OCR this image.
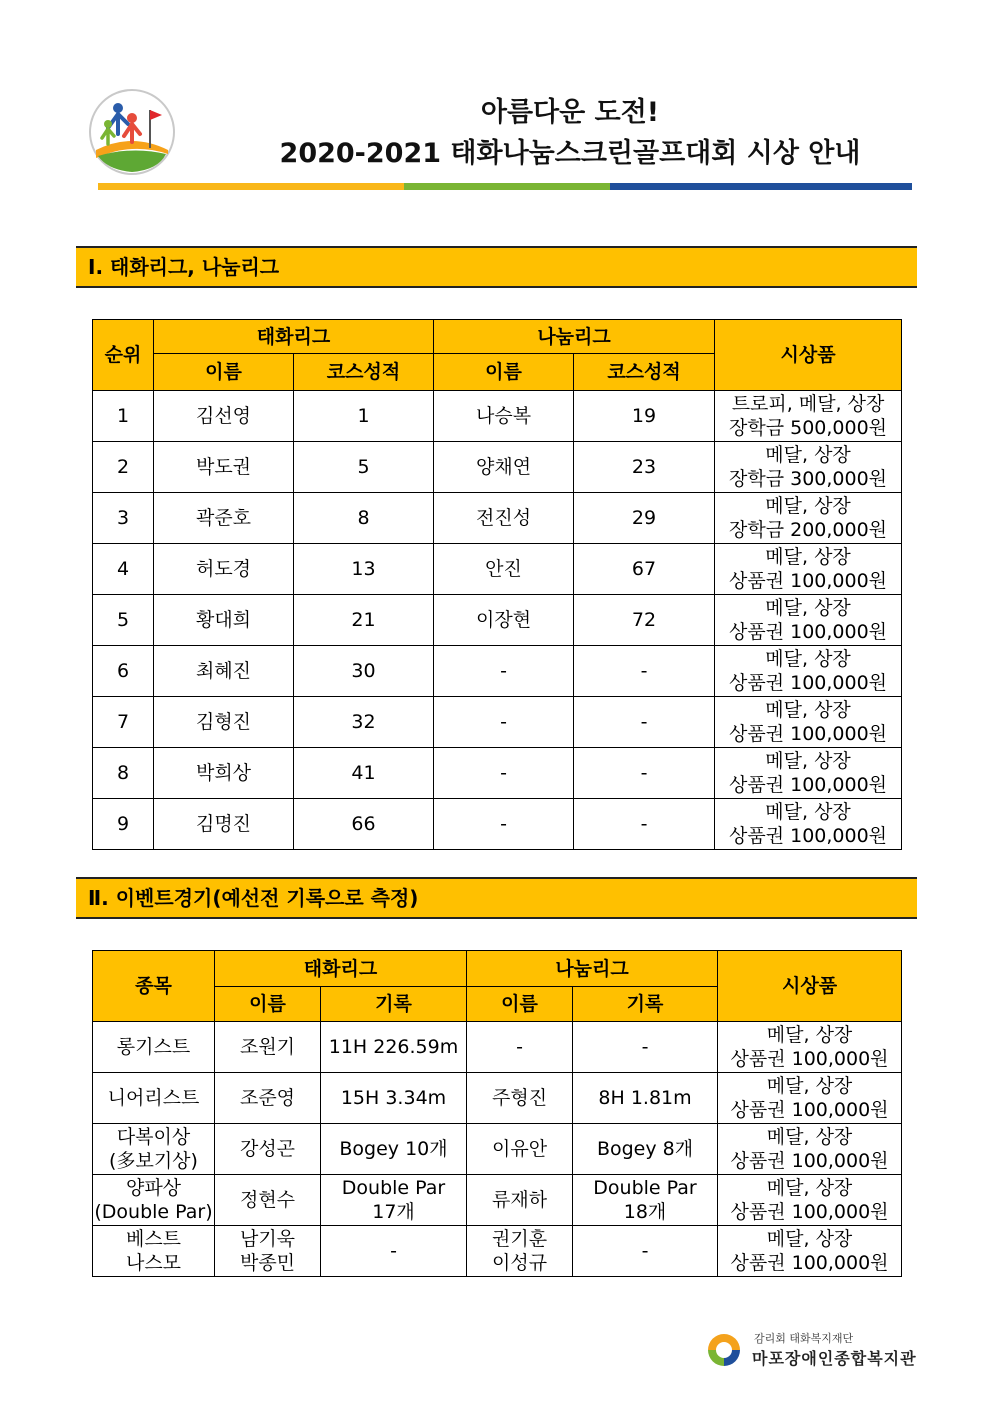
아름다운 도전!
2020-2021 태화나눔스크린골프대회 시상 안내
Ⅰ. 태화리그, 나눔리그
순위	태화리그		나눔리그		시상품
	이름	코스성적	이름	코스성적	
1	김선영	1	나승복	19	트로피, 메달, 상장
장학금 500,000원
2	박도권	5	양채연	23	메달, 상장
장학금 300,000원
3	곽준호	8	전진성	29	메달, 상장
장학금 200,000원
4	허도경	13	안진	67	메달, 상장
상품권 100,000원
5	황대희	21	이장현	72	메달, 상장
상품권 100,000원
6	최혜진	30	-	-	메달, 상장
상품권 100,000원
7	김형진	32	-	-	메달, 상장
상품권 100,000원
8	박희상	41	-	-	메달, 상장
상품권 100,000원
9	김명진	66	-	-	메달, 상장
상품권 100,000원
Ⅱ. 이벤트경기(예선전 기록으로 측정)
종목	태화리그		나눔리그		시상품
	이름	기록	이름	기록	
롱기스트	조원기	11H 226.59m	-	-	메달, 상장
상품권 100,000원
니어리스트	조준영	15H 3.34m	주형진	8H 1.81m	메달, 상장
상품권 100,000원
다복이상
(多보기상)	강성곤	Bogey 10개	이유안	Bogey 8개	메달, 상장
상품권 100,000원
양파상
(Double Par)	정현수	Double Par
17개	류재하	Double Par
18개	메달, 상장
상품권 100,000원
베스트
나스모	남기욱
박종민	-	권기훈
이성규	-	메달, 상장
상품권 100,000원
감리회 태화복지재단
마포장애인종합복지관
